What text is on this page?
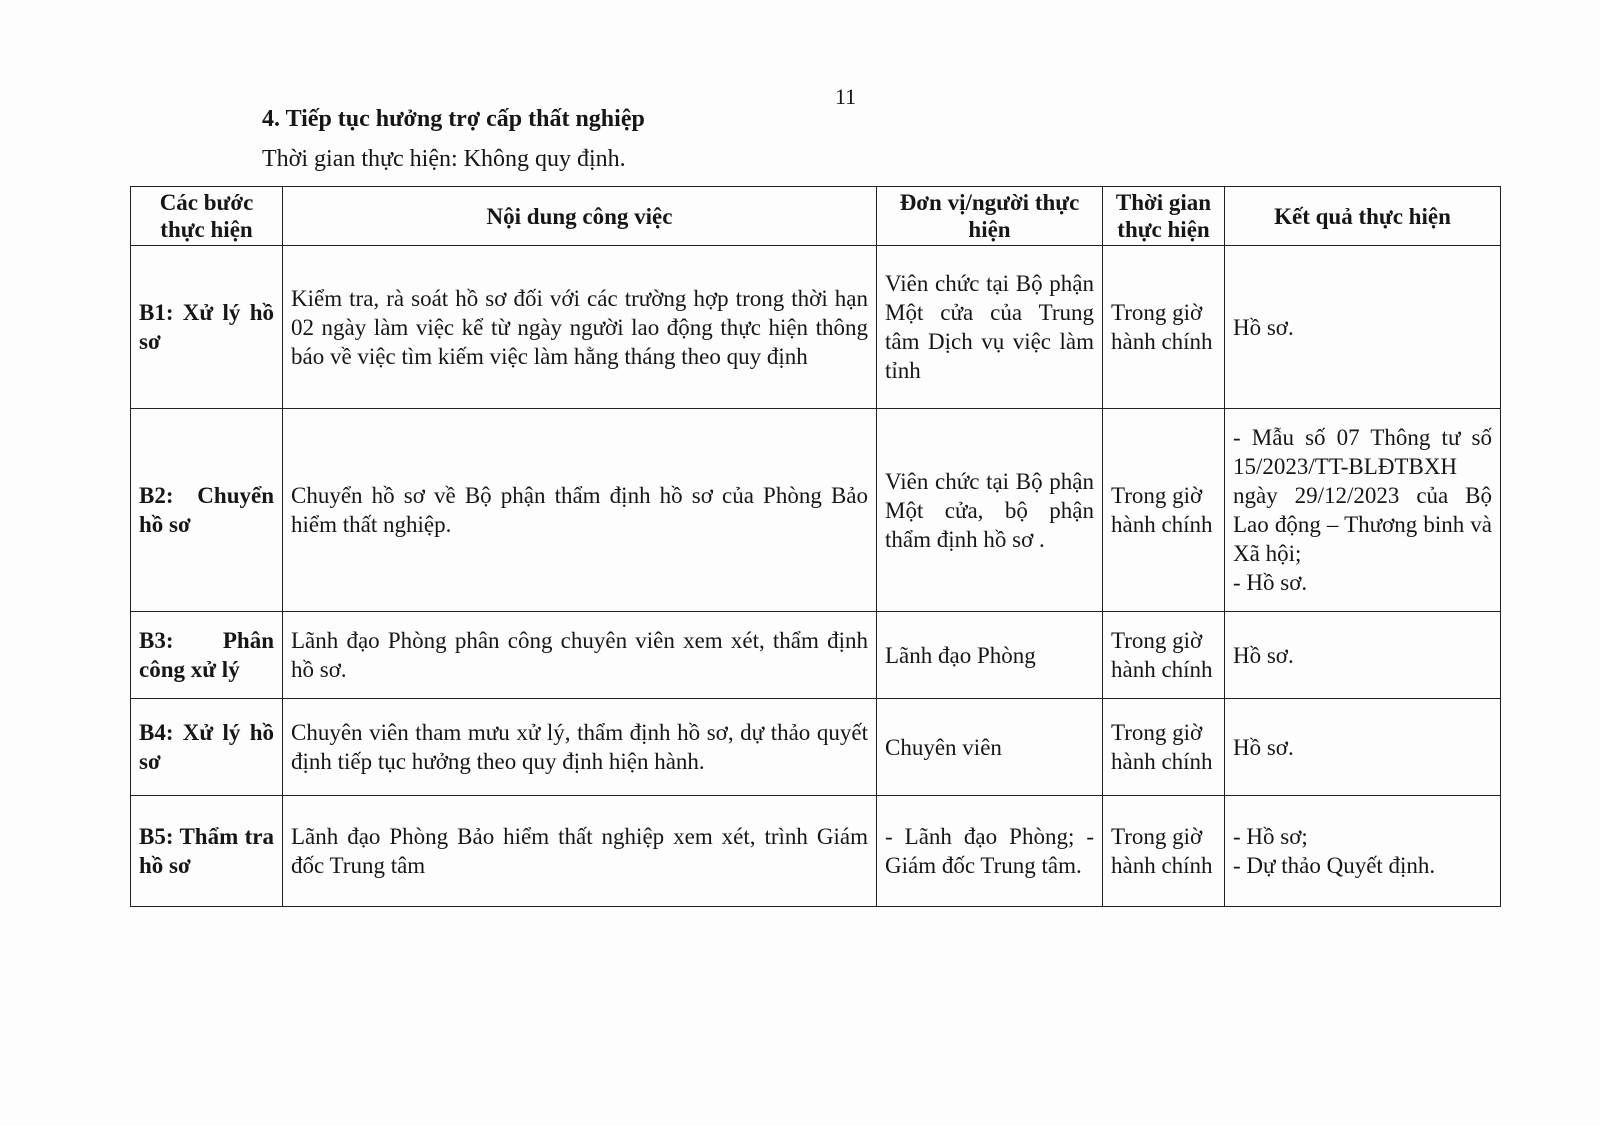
11
4. Tiếp tục hưởng trợ cấp thất nghiệp
Thời gian thực hiện: Không quy định.
Các bước thực hiện	Nội dung công việc	Đơn vị/người thực hiện	Thời gian thực hiện	Kết quả thực hiện
B1: Xử lý hồ sơ	Kiểm tra, rà soát hồ sơ đối với các trường hợp trong thời hạn 02 ngày làm việc kể từ ngày người lao động thực hiện thông báo về việc tìm kiếm việc làm hằng tháng theo quy định	Viên chức tại Bộ phận Một cửa của Trung tâm Dịch vụ việc làm tỉnh	Trong giờ hành chính	Hồ sơ.

B2: Chuyển hồ sơ	Chuyển hồ sơ về Bộ phận thẩm định hồ sơ của Phòng Bảo hiểm thất nghiệp.	Viên chức tại Bộ phận Một cửa, bộ phận thẩm định hồ sơ .	Trong giờ hành chính	- Mẫu số 07 Thông tư số 15/2023/TT-BLĐTBXH ngày 29/12/2023 của Bộ Lao động – Thương binh và Xã hội;
- Hồ sơ.

B3: Phân công xử lý	Lãnh đạo Phòng phân công chuyên viên xem xét, thẩm định hồ sơ.	Lãnh đạo Phòng	Trong giờ hành chính	Hồ sơ.

B4: Xử lý hồ sơ	Chuyên viên tham mưu xử lý, thẩm định hồ sơ, dự thảo quyết định tiếp tục hưởng theo quy định hiện hành.	Chuyên viên	Trong giờ hành chính	Hồ sơ.

B5: Thẩm tra hồ sơ	Lãnh đạo Phòng Bảo hiểm thất nghiệp xem xét, trình Giám đốc Trung tâm	- Lãnh đạo Phòng; - Giám đốc Trung tâm.	Trong giờ hành chính	- Hồ sơ;
- Dự thảo Quyết định.
